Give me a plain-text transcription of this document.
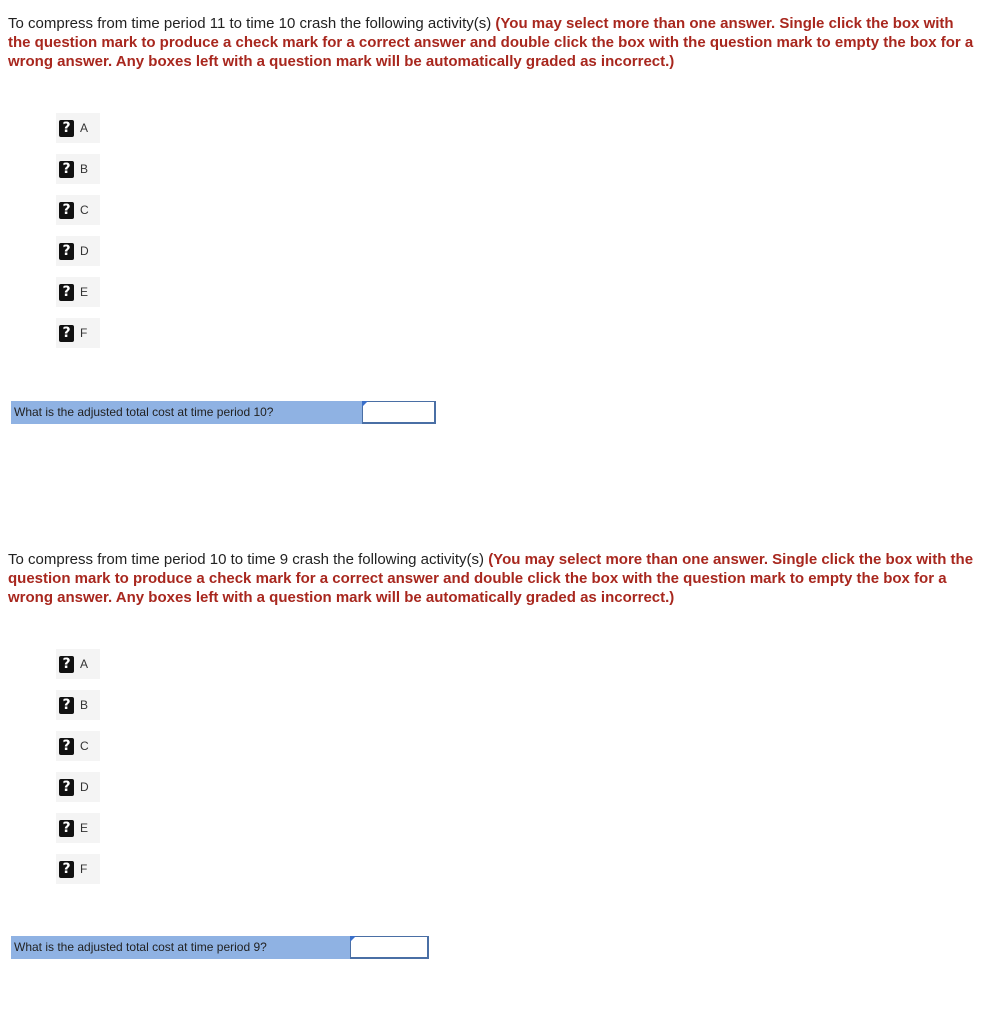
To compress from time period 11 to time 10 crash the following activity(s) (You may select more than one answer. Single click the box with the question mark to produce a check mark for a correct answer and double click the box with the question mark to empty the box for a wrong answer. Any boxes left with a question mark will be automatically graded as incorrect.)

? A
? B
? C
? D
? E
? F
What is the adjusted total cost at time period 10?

To compress from time period 10 to time 9 crash the following activity(s) (You may select more than one answer. Single click the box with the question mark to produce a check mark for a correct answer and double click the box with the question mark to empty the box for a wrong answer. Any boxes left with a question mark will be automatically graded as incorrect.)

? A
? B
? C
? D
? E
? F
What is the adjusted total cost at time period 9?
